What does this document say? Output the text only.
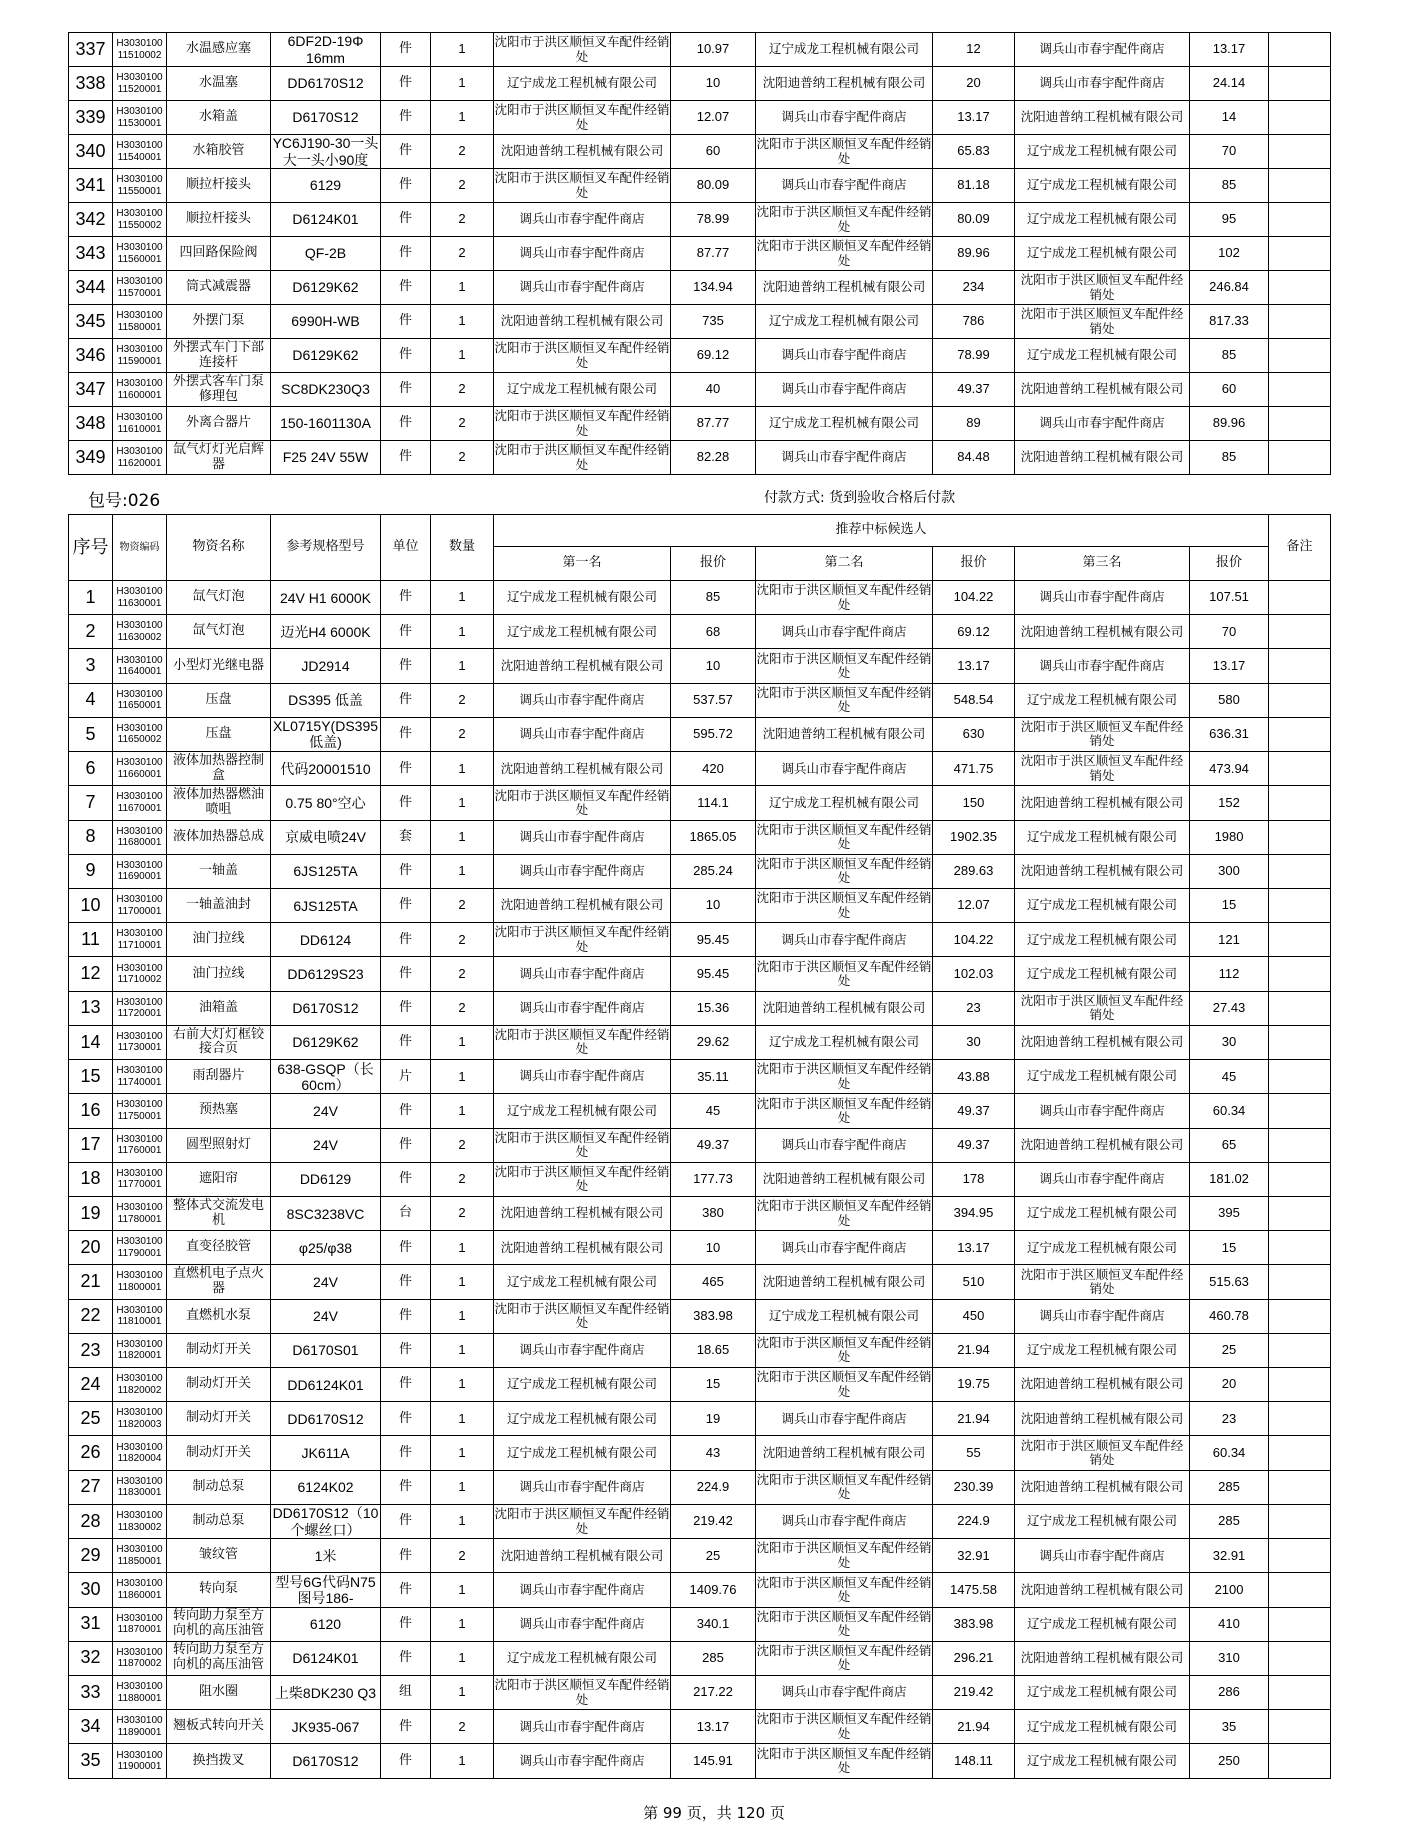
337	H3030100 11510002	水温感应塞	6DF2D-19Φ 16mm	件	1	沈阳市于洪区顺恒叉车配件经销处	10.97	辽宁成龙工程机械有限公司	12	调兵山市春宇配件商店	13.17	
338	H3030100 11520001	水温塞	DD6170S12	件	1	辽宁成龙工程机械有限公司	10	沈阳迪普纳工程机械有限公司	20	调兵山市春宇配件商店	24.14	
339	H3030100 11530001	水箱盖	D6170S12	件	1	沈阳市于洪区顺恒叉车配件经销处	12.07	调兵山市春宇配件商店	13.17	沈阳迪普纳工程机械有限公司	14	
340	H3030100 11540001	水箱胶管	YC6J190-30一头大一头小90度	件	2	沈阳迪普纳工程机械有限公司	60	沈阳市于洪区顺恒叉车配件经销处	65.83	辽宁成龙工程机械有限公司	70	
341	H3030100 11550001	顺拉杆接头	6129	件	2	沈阳市于洪区顺恒叉车配件经销处	80.09	调兵山市春宇配件商店	81.18	辽宁成龙工程机械有限公司	85	
342	H3030100 11550002	顺拉杆接头	D6124K01	件	2	调兵山市春宇配件商店	78.99	沈阳市于洪区顺恒叉车配件经销处	80.09	辽宁成龙工程机械有限公司	95	
343	H3030100 11560001	四回路保险阀	QF-2B	件	2	调兵山市春宇配件商店	87.77	沈阳市于洪区顺恒叉车配件经销处	89.96	辽宁成龙工程机械有限公司	102	
344	H3030100 11570001	筒式减震器	D6129K62	件	1	调兵山市春宇配件商店	134.94	沈阳迪普纳工程机械有限公司	234	沈阳市于洪区顺恒叉车配件经销处	246.84	
345	H3030100 11580001	外摆门泵	6990H-WB	件	1	沈阳迪普纳工程机械有限公司	735	辽宁成龙工程机械有限公司	786	沈阳市于洪区顺恒叉车配件经销处	817.33	
346	H3030100 11590001	外摆式车门下部连接杆	D6129K62	件	1	沈阳市于洪区顺恒叉车配件经销处	69.12	调兵山市春宇配件商店	78.99	辽宁成龙工程机械有限公司	85	
347	H3030100 11600001	外摆式客车门泵修理包	SC8DK230Q3	件	2	辽宁成龙工程机械有限公司	40	调兵山市春宇配件商店	49.37	沈阳迪普纳工程机械有限公司	60	
348	H3030100 11610001	外离合器片	150-1601130A	件	2	沈阳市于洪区顺恒叉车配件经销处	87.77	辽宁成龙工程机械有限公司	89	调兵山市春宇配件商店	89.96	
349	H3030100 11620001	氙气灯灯光启辉器	F25 24V 55W	件	2	沈阳市于洪区顺恒叉车配件经销处	82.28	调兵山市春宇配件商店	84.48	沈阳迪普纳工程机械有限公司	85	
包号:026	付款方式: 货到验收合格后付款
序号	物资编码	物资名称	参考规格型号	单位	数量	推荐中标候选人						备注
						第一名	报价	第二名	报价	第三名	报价	
1	H3030100 11630001	氙气灯泡	24V H1 6000K	件	1	辽宁成龙工程机械有限公司	85	沈阳市于洪区顺恒叉车配件经销处	104.22	调兵山市春宇配件商店	107.51	
2	H3030100 11630002	氙气灯泡	迈光H4 6000K	件	1	辽宁成龙工程机械有限公司	68	调兵山市春宇配件商店	69.12	沈阳迪普纳工程机械有限公司	70	
3	H3030100 11640001	小型灯光继电器	JD2914	件	1	沈阳迪普纳工程机械有限公司	10	沈阳市于洪区顺恒叉车配件经销处	13.17	调兵山市春宇配件商店	13.17	
4	H3030100 11650001	压盘	DS395 低盖	件	2	调兵山市春宇配件商店	537.57	沈阳市于洪区顺恒叉车配件经销处	548.54	辽宁成龙工程机械有限公司	580	
5	H3030100 11650002	压盘	XL0715Y(DS395低盖)	件	2	调兵山市春宇配件商店	595.72	沈阳迪普纳工程机械有限公司	630	沈阳市于洪区顺恒叉车配件经销处	636.31	
6	H3030100 11660001	液体加热器控制盒	代码20001510	件	1	沈阳迪普纳工程机械有限公司	420	调兵山市春宇配件商店	471.75	沈阳市于洪区顺恒叉车配件经销处	473.94	
7	H3030100 11670001	液体加热器燃油喷咀	0.75 80°空心	件	1	沈阳市于洪区顺恒叉车配件经销处	114.1	辽宁成龙工程机械有限公司	150	沈阳迪普纳工程机械有限公司	152	
8	H3030100 11680001	液体加热器总成	京威电喷24V	套	1	调兵山市春宇配件商店	1865.05	沈阳市于洪区顺恒叉车配件经销处	1902.35	辽宁成龙工程机械有限公司	1980	
9	H3030100 11690001	一轴盖	6JS125TA	件	1	调兵山市春宇配件商店	285.24	沈阳市于洪区顺恒叉车配件经销处	289.63	沈阳迪普纳工程机械有限公司	300	
10	H3030100 11700001	一轴盖油封	6JS125TA	件	2	沈阳迪普纳工程机械有限公司	10	沈阳市于洪区顺恒叉车配件经销处	12.07	辽宁成龙工程机械有限公司	15	
11	H3030100 11710001	油门拉线	DD6124	件	2	沈阳市于洪区顺恒叉车配件经销处	95.45	调兵山市春宇配件商店	104.22	辽宁成龙工程机械有限公司	121	
12	H3030100 11710002	油门拉线	DD6129S23	件	2	调兵山市春宇配件商店	95.45	沈阳市于洪区顺恒叉车配件经销处	102.03	辽宁成龙工程机械有限公司	112	
13	H3030100 11720001	油箱盖	D6170S12	件	2	调兵山市春宇配件商店	15.36	沈阳迪普纳工程机械有限公司	23	沈阳市于洪区顺恒叉车配件经销处	27.43	
14	H3030100 11730001	右前大灯灯框铰接合页	D6129K62	件	1	沈阳市于洪区顺恒叉车配件经销处	29.62	辽宁成龙工程机械有限公司	30	沈阳迪普纳工程机械有限公司	30	
15	H3030100 11740001	雨刮器片	638-GSQP（长60cm）	片	1	调兵山市春宇配件商店	35.11	沈阳市于洪区顺恒叉车配件经销处	43.88	辽宁成龙工程机械有限公司	45	
16	H3030100 11750001	预热塞	24V	件	1	辽宁成龙工程机械有限公司	45	沈阳市于洪区顺恒叉车配件经销处	49.37	调兵山市春宇配件商店	60.34	
17	H3030100 11760001	圆型照射灯	24V	件	2	沈阳市于洪区顺恒叉车配件经销处	49.37	调兵山市春宇配件商店	49.37	沈阳迪普纳工程机械有限公司	65	
18	H3030100 11770001	遮阳帘	DD6129	件	2	沈阳市于洪区顺恒叉车配件经销处	177.73	沈阳迪普纳工程机械有限公司	178	调兵山市春宇配件商店	181.02	
19	H3030100 11780001	整体式交流发电机	8SC3238VC	台	2	沈阳迪普纳工程机械有限公司	380	沈阳市于洪区顺恒叉车配件经销处	394.95	辽宁成龙工程机械有限公司	395	
20	H3030100 11790001	直变径胶管	φ25/φ38	件	1	沈阳迪普纳工程机械有限公司	10	调兵山市春宇配件商店	13.17	辽宁成龙工程机械有限公司	15	
21	H3030100 11800001	直燃机电子点火器	24V	件	1	辽宁成龙工程机械有限公司	465	沈阳迪普纳工程机械有限公司	510	沈阳市于洪区顺恒叉车配件经销处	515.63	
22	H3030100 11810001	直燃机水泵	24V	件	1	沈阳市于洪区顺恒叉车配件经销处	383.98	辽宁成龙工程机械有限公司	450	调兵山市春宇配件商店	460.78	
23	H3030100 11820001	制动灯开关	D6170S01	件	1	调兵山市春宇配件商店	18.65	沈阳市于洪区顺恒叉车配件经销处	21.94	辽宁成龙工程机械有限公司	25	
24	H3030100 11820002	制动灯开关	DD6124K01	件	1	辽宁成龙工程机械有限公司	15	沈阳市于洪区顺恒叉车配件经销处	19.75	沈阳迪普纳工程机械有限公司	20	
25	H3030100 11820003	制动灯开关	DD6170S12	件	1	辽宁成龙工程机械有限公司	19	调兵山市春宇配件商店	21.94	沈阳迪普纳工程机械有限公司	23	
26	H3030100 11820004	制动灯开关	JK611A	件	1	辽宁成龙工程机械有限公司	43	沈阳迪普纳工程机械有限公司	55	沈阳市于洪区顺恒叉车配件经销处	60.34	
27	H3030100 11830001	制动总泵	6124K02	件	1	调兵山市春宇配件商店	224.9	沈阳市于洪区顺恒叉车配件经销处	230.39	沈阳迪普纳工程机械有限公司	285	
28	H3030100 11830002	制动总泵	DD6170S12（10个螺丝口）	件	1	沈阳市于洪区顺恒叉车配件经销处	219.42	调兵山市春宇配件商店	224.9	辽宁成龙工程机械有限公司	285	
29	H3030100 11850001	皱纹管	1米	件	2	沈阳迪普纳工程机械有限公司	25	沈阳市于洪区顺恒叉车配件经销处	32.91	调兵山市春宇配件商店	32.91	
30	H3030100 11860001	转向泵	型号6G代码N75 图号186-	件	1	调兵山市春宇配件商店	1409.76	沈阳市于洪区顺恒叉车配件经销处	1475.58	沈阳迪普纳工程机械有限公司	2100	
31	H3030100 11870001	转向助力泵至方向机的高压油管	6120	件	1	调兵山市春宇配件商店	340.1	沈阳市于洪区顺恒叉车配件经销处	383.98	辽宁成龙工程机械有限公司	410	
32	H3030100 11870002	转向助力泵至方向机的高压油管	D6124K01	件	1	辽宁成龙工程机械有限公司	285	沈阳市于洪区顺恒叉车配件经销处	296.21	沈阳迪普纳工程机械有限公司	310	
33	H3030100 11880001	阻水圈	上柴8DK230 Q3	组	1	沈阳市于洪区顺恒叉车配件经销处	217.22	调兵山市春宇配件商店	219.42	辽宁成龙工程机械有限公司	286	
34	H3030100 11890001	翘板式转向开关	JK935-067	件	2	调兵山市春宇配件商店	13.17	沈阳市于洪区顺恒叉车配件经销处	21.94	辽宁成龙工程机械有限公司	35	
35	H3030100 11900001	换挡拨叉	D6170S12	件	1	调兵山市春宇配件商店	145.91	沈阳市于洪区顺恒叉车配件经销处	148.11	辽宁成龙工程机械有限公司	250	
第 99 页，共 120 页
